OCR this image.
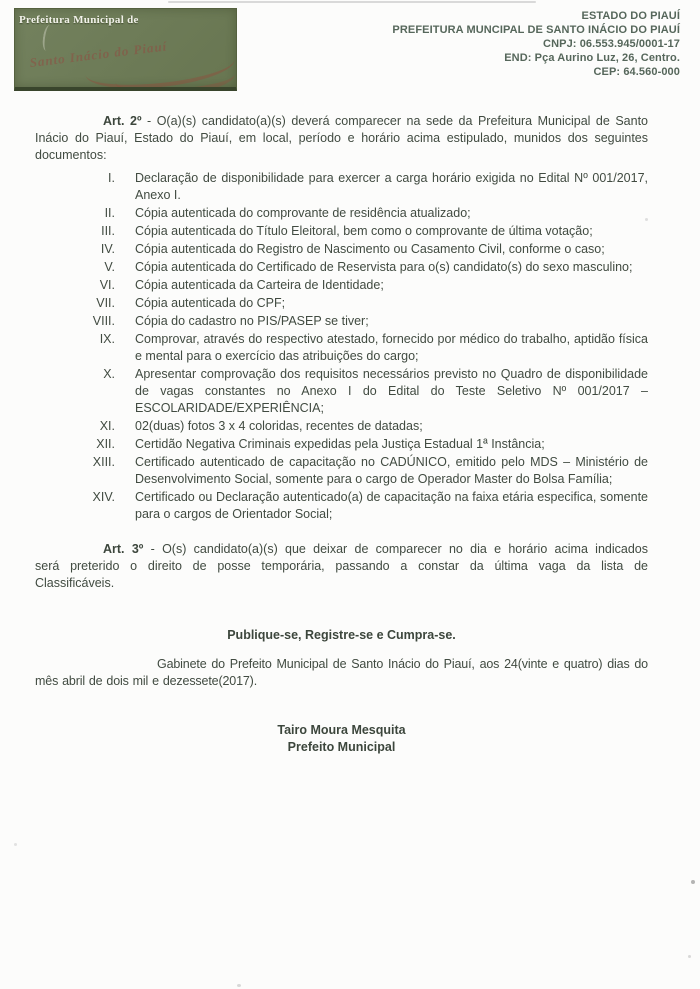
Prefeitura Municipal de
Santo Inácio do Piauí
ESTADO DO PIAUÍ
PREFEITURA MUNCIPAL DE SANTO INÁCIO DO PIAUÍ
CNPJ: 06.553.945/0001-17
END: Pça Aurino Luz, 26, Centro.
CEP: 64.560-000

Art. 2º - O(a)(s) candidato(a)(s) deverá comparecer na sede da Prefeitura Municipal de Santo Inácio do Piauí, Estado do Piauí, em local, período e horário acima estipulado, munidos dos seguintes documentos:

I. Declaração de disponibilidade para exercer a carga horário exigida no Edital Nº 001/2017, Anexo I.
II. Cópia autenticada do comprovante de residência atualizado;
III. Cópia autenticada do Título Eleitoral, bem como o comprovante de última votação;
IV. Cópia autenticada do Registro de Nascimento ou Casamento Civil, conforme o caso;
V. Cópia autenticada do Certificado de Reservista para o(s) candidato(s) do sexo masculino;
VI. Cópia autenticada da Carteira de Identidade;
VII. Cópia autenticada do CPF;
VIII. Cópia do cadastro no PIS/PASEP se tiver;
IX. Comprovar, através do respectivo atestado, fornecido por médico do trabalho, aptidão física e mental para o exercício das atribuições do cargo;
X. Apresentar comprovação dos requisitos necessários previsto no Quadro de disponibilidade de vagas constantes no Anexo I do Edital do Teste Seletivo Nº 001/2017 – ESCOLARIDADE/EXPERIÊNCIA;
XI. 02(duas) fotos 3 x 4 coloridas, recentes de datadas;
XII. Certidão Negativa Criminais expedidas pela Justiça Estadual 1ª Instância;
XIII. Certificado autenticado de capacitação no CADÚNICO, emitido pelo MDS – Ministério de Desenvolvimento Social, somente para o cargo de Operador Master do Bolsa Família;
XIV. Certificado ou Declaração autenticado(a) de capacitação na faixa etária especifica, somente para o cargos de Orientador Social;

Art. 3º - O(s) candidato(a)(s) que deixar de comparecer no dia e horário acima indicados será preterido o direito de posse temporária, passando a constar da última vaga da lista de Classificáveis.

Publique-se, Registre-se e Cumpra-se.

Gabinete do Prefeito Municipal de Santo Inácio do Piauí, aos 24(vinte e quatro) dias do mês abril de dois mil e dezessete(2017).

Tairo Moura Mesquita
Prefeito Municipal
